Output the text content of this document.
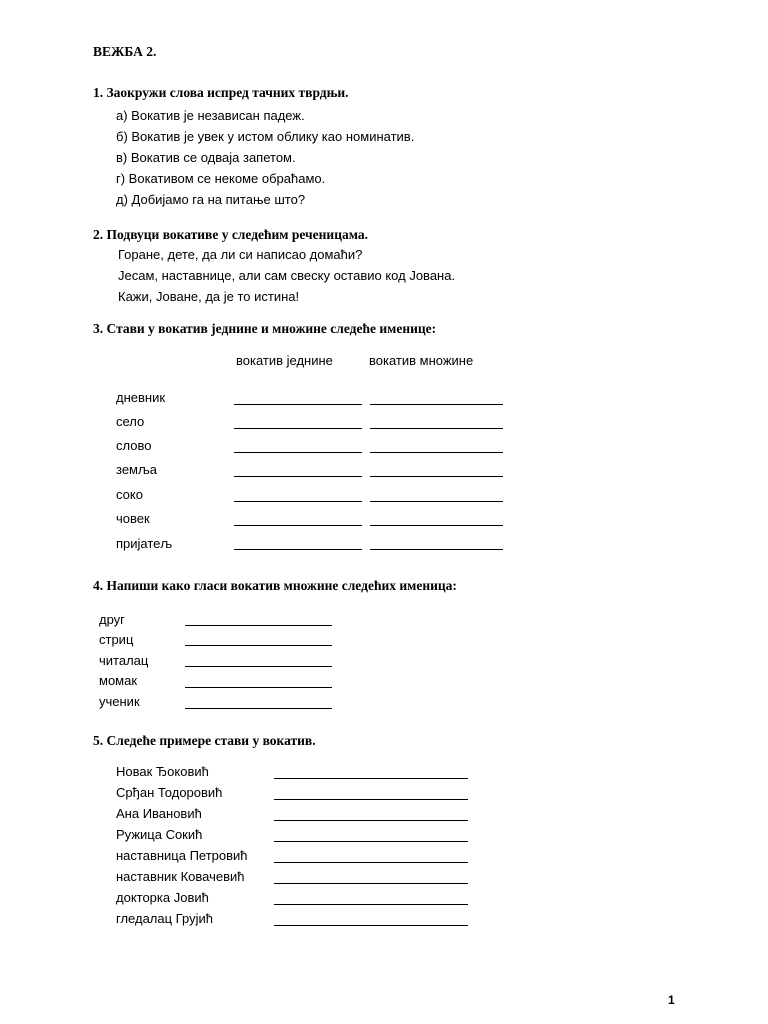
ВЕЖБА 2.
1. Заокружи слова испред тачних тврдњи.
а) Вокатив је независан падеж.
б) Вокатив је увек у истом облику као номинатив.
в) Вокатив се одваја запетом.
г) Вокативом се некоме обраћамо.
д) Добијамо га на питање што?
2. Подвуци вокативе у следећим реченицама.
Горане, дете, да ли си написао домаћи?
Јесам, наставнице, али сам свеску оставио код Јована.
Кажи, Јоване, да је то истина!
3. Стави у вокатив једнине и множине следеће именице:
вокатив једнине	вокатив множине
дневник
село
слово
земља
соко
човек
пријатељ
4. Напиши како гласи вокатив множине следећих именица:
друг
стриц
читалац
момак
ученик
5. Следеће примере стави у вокатив.
Новак Ђоковић
Срђан Тодоровић
Ана Ивановић
Ружица Сокић
наставница Петровић
наставник Ковачевић
докторка Јовић
гледалац Грујић
1
